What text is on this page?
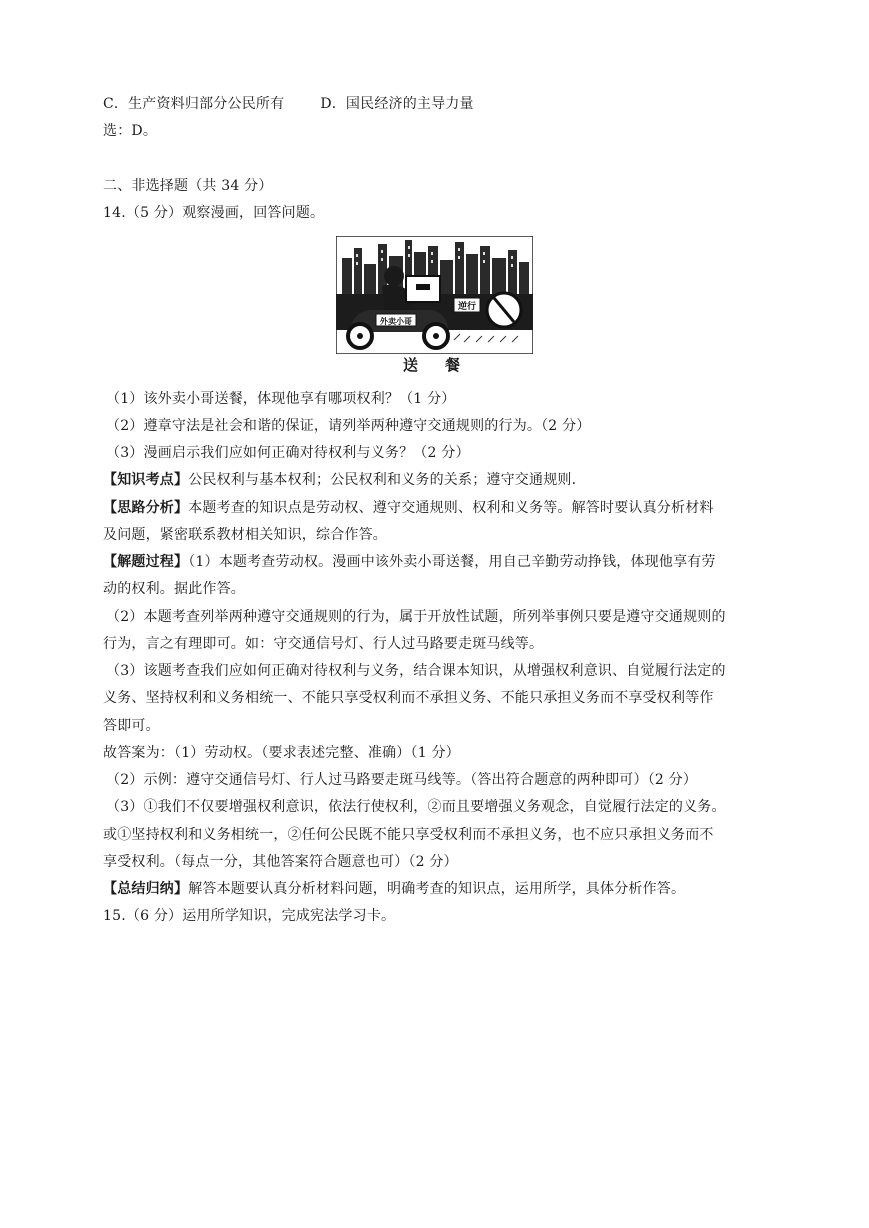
C．生产资料归部分公民所有	D．国民经济的主导力量
选：D。
二、非选择题（共 34 分）
14.（5 分）观察漫画，回答问题。
逆行
外卖小哥
送　餐
（1）该外卖小哥送餐，体现他享有哪项权利？（1 分）
（2）遵章守法是社会和谐的保证，请列举两种遵守交通规则的行为。（2 分）
（3）漫画启示我们应如何正确对待权利与义务？（2 分）
【知识考点】公民权利与基本权利；公民权利和义务的关系；遵守交通规则．
【思路分析】本题考查的知识点是劳动权、遵守交通规则、权利和义务等。解答时要认真分析材料
及问题，紧密联系教材相关知识，综合作答。
【解题过程】（1）本题考查劳动权。漫画中该外卖小哥送餐，用自己辛勤劳动挣钱，体现他享有劳
动的权利。据此作答。
（2）本题考查列举两种遵守交通规则的行为，属于开放性试题，所列举事例只要是遵守交通规则的
行为，言之有理即可。如：守交通信号灯、行人过马路要走斑马线等。
（3）该题考查我们应如何正确对待权利与义务，结合课本知识，从增强权利意识、自觉履行法定的
义务、坚持权利和义务相统一、不能只享受权利而不承担义务、不能只承担义务而不享受权利等作
答即可。
故答案为：（1）劳动权。（要求表述完整、准确）（1 分）
（2）示例：遵守交通信号灯、行人过马路要走斑马线等。（答出符合题意的两种即可）（2 分）
（3）①我们不仅要增强权利意识，依法行使权利，②而且要增强义务观念，自觉履行法定的义务。
或①坚持权利和义务相统一，②任何公民既不能只享受权利而不承担义务，也不应只承担义务而不
享受权利。（每点一分，其他答案符合题意也可）（2 分）
【总结归纳】解答本题要认真分析材料问题，明确考查的知识点，运用所学，具体分析作答。
15.（6 分）运用所学知识，完成宪法学习卡。
